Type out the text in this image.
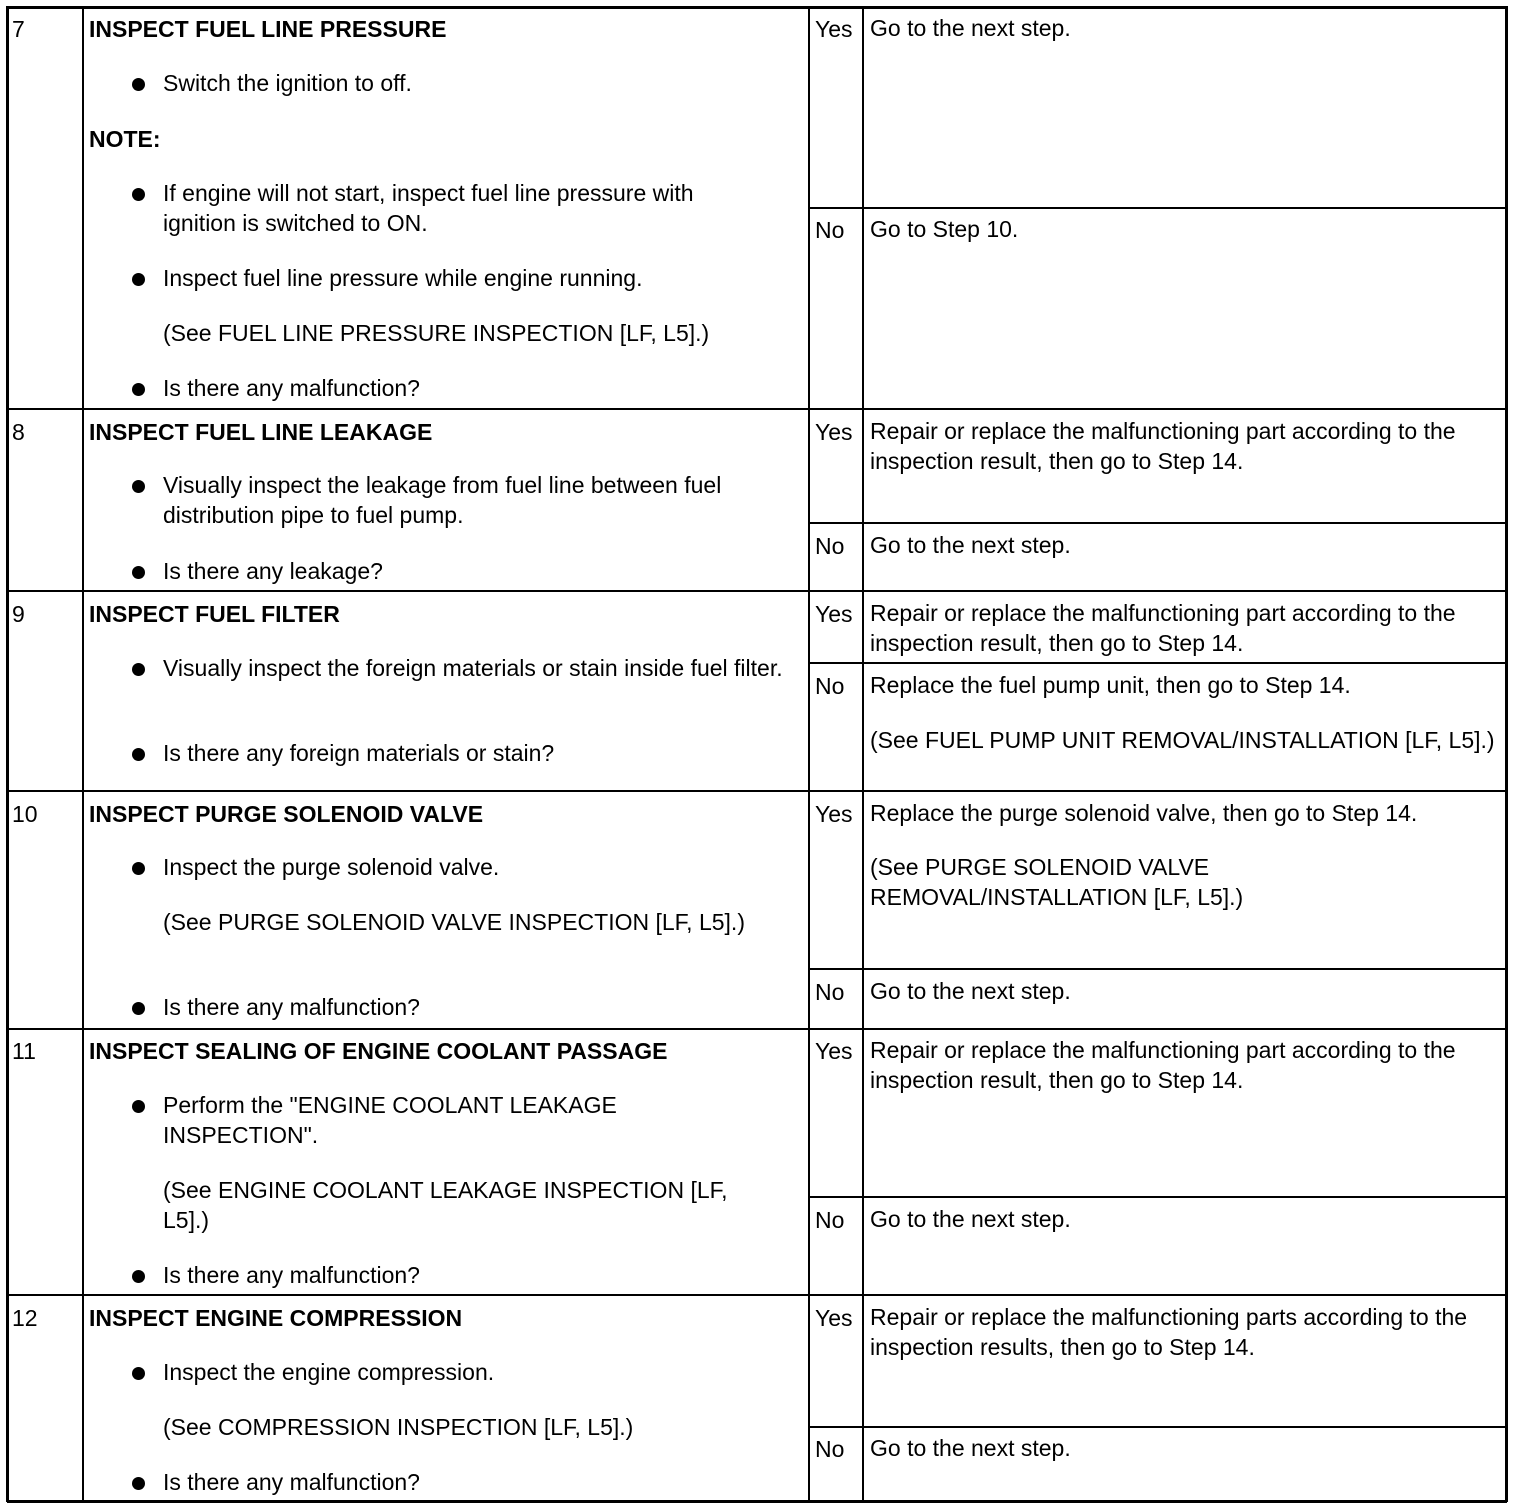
7	INSPECT FUEL LINE PRESSURE
Switch the ignition to off.
NOTE:
If engine will not start, inspect fuel line pressure with ignition is switched to ON.
Inspect fuel line pressure while engine running.
(See FUEL LINE PRESSURE INSPECTION [LF, L5].)
Is there any malfunction?
Yes Go to the next step.
No Go to Step 10.
8	INSPECT FUEL LINE LEAKAGE
Visually inspect the leakage from fuel line between fuel distribution pipe to fuel pump.
Is there any leakage?
Yes Repair or replace the malfunctioning part according to the inspection result, then go to Step 14.
No Go to the next step.
9	INSPECT FUEL FILTER
Visually inspect the foreign materials or stain inside fuel filter.
Is there any foreign materials or stain?
Yes Repair or replace the malfunctioning part according to the inspection result, then go to Step 14.
No Replace the fuel pump unit, then go to Step 14.
(See FUEL PUMP UNIT REMOVAL/INSTALLATION [LF, L5].)
10 INSPECT PURGE SOLENOID VALVE
Inspect the purge solenoid valve.
(See PURGE SOLENOID VALVE INSPECTION [LF, L5].)
Is there any malfunction?
Yes Replace the purge solenoid valve, then go to Step 14.
(See PURGE SOLENOID VALVE REMOVAL/INSTALLATION [LF, L5].)
No Go to the next step.
11 INSPECT SEALING OF ENGINE COOLANT PASSAGE
Perform the "ENGINE COOLANT LEAKAGE INSPECTION".
(See ENGINE COOLANT LEAKAGE INSPECTION [LF, L5].)
Is there any malfunction?
Yes Repair or replace the malfunctioning part according to the inspection result, then go to Step 14.
No Go to the next step.
12 INSPECT ENGINE COMPRESSION
Inspect the engine compression.
(See COMPRESSION INSPECTION [LF, L5].)
Is there any malfunction?
Yes Repair or replace the malfunctioning parts according to the inspection results, then go to Step 14.
No Go to the next step.
